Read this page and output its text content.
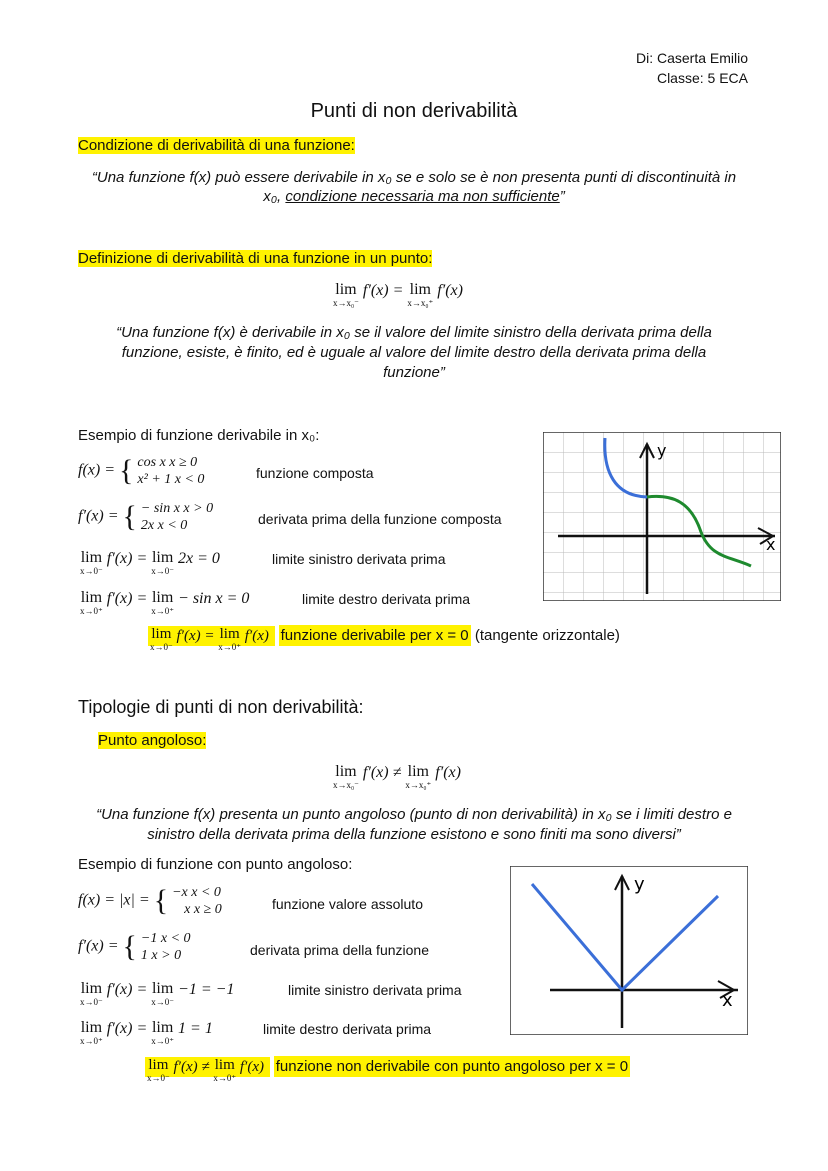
Di: Caserta Emilio
Classe: 5 ECA
Punti di non derivabilità
Condizione di derivabilità di una funzione:
“Una funzione f(x) può essere derivabile in x₀ se e solo se è non presenta punti di discontinuità in
x₀, condizione necessaria ma non sufficiente”
Definizione di derivabilità di una funzione in un punto:
lim
x→x₀⁻
f′(x) = lim
x→x₀⁺
f′(x)
“Una funzione f(x) è derivabile in x₀ se il valore del limite sinistro della derivata prima della
funzione, esiste, è finito, ed è uguale al valore del limite destro della derivata prima della
funzione”
Esempio di funzione derivabile in x₀:
f(x) = { cos x x ≥ 0
x² + 1 x < 0	funzione composta
f′(x) = { − sin x x > 0
2x x < 0	derivata prima della funzione composta
lim
x→0⁻
f′(x) = lim
x→0⁻
2x = 0	limite sinistro derivata prima
lim
x→0⁺
f′(x) = lim
x→0⁺
− sin x = 0	limite destro derivata prima
lim
x→0⁻
f′(x) = lim
x→0⁺
f′(x) funzione derivabile per x = 0 (tangente orizzontale)
y
x
Tipologie di punti di non derivabilità:
Punto angoloso:
lim
x→x₀⁻
f′(x) ≠ lim
x→x₀⁺
f′(x)
“Una funzione f(x) presenta un punto angoloso (punto di non derivabilità) in x₀ se i limiti destro e
sinistro della derivata prima della funzione esistono e sono finiti ma sono diversi”
Esempio di funzione con punto angoloso:
f(x) = |x| = { −x x < 0
x x ≥ 0	funzione valore assoluto
f′(x) = { −1 x < 0
1 x > 0	derivata prima della funzione
lim
x→0⁻
f′(x) = lim
x→0⁻
−1 = −1	limite sinistro derivata prima
lim
x→0⁺
f′(x) = lim
x→0⁺
1 = 1	limite destro derivata prima
lim
x→0⁻
f′(x) ≠ lim
x→0⁺
f′(x) funzione non derivabile con punto angoloso per x = 0
y
x
